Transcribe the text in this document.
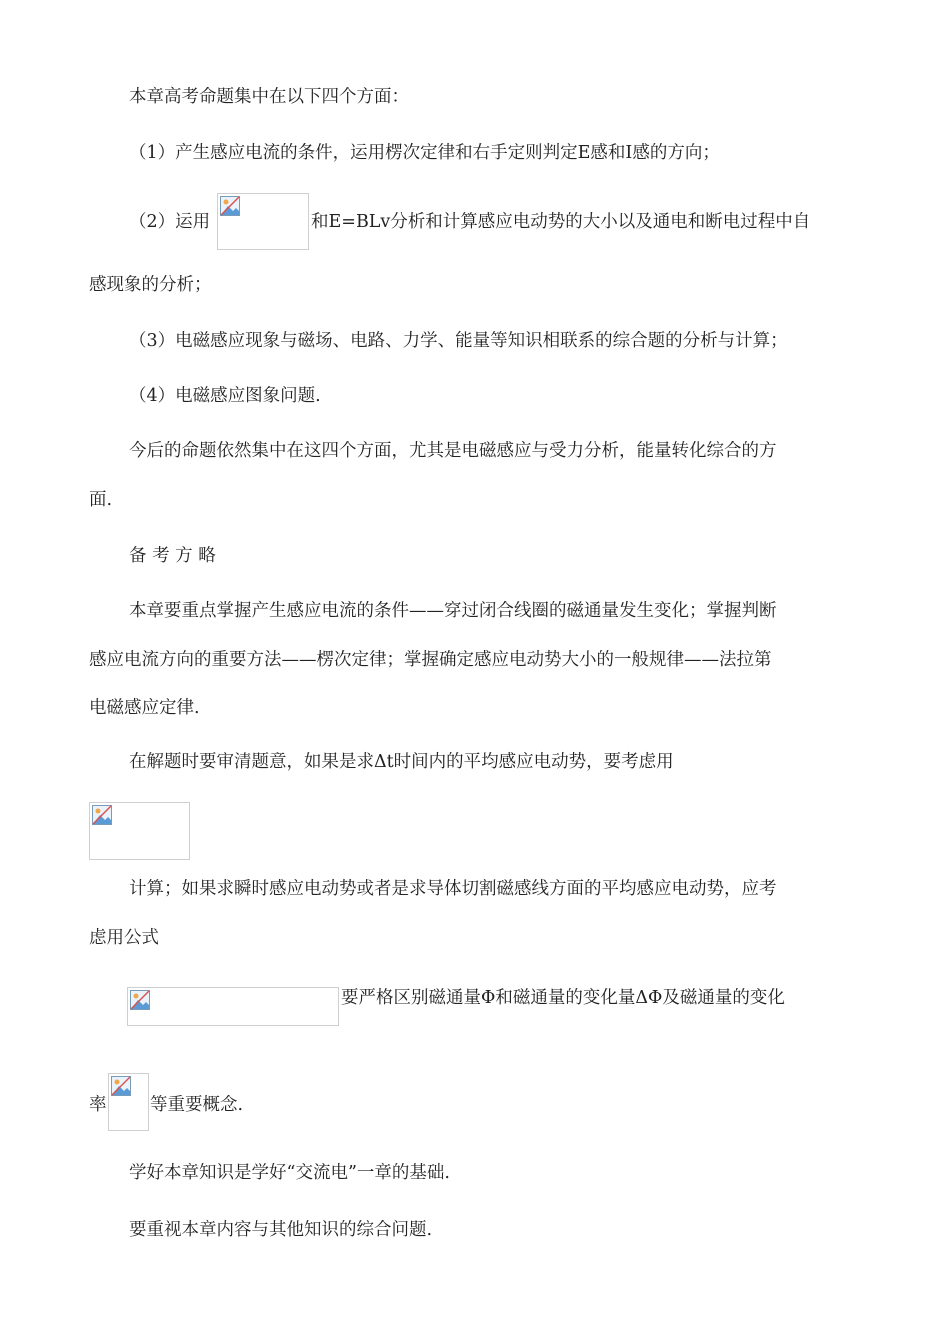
本章高考命题集中在以下四个方面：
（1）产生感应电流的条件，运用楞次定律和右手定则判定E感和I感的方向；
（2）运用	和E=BLv分析和计算感应电动势的大小以及通电和断电过程中自
感现象的分析；
（3）电磁感应现象与磁场、电路、力学、能量等知识相联系的综合题的分析与计算；
（4）电磁感应图象问题.
今后的命题依然集中在这四个方面，尤其是电磁感应与受力分析，能量转化综合的方
面.
备 考 方 略
本章要重点掌握产生感应电流的条件——穿过闭合线圈的磁通量发生变化；掌握判断
感应电流方向的重要方法——楞次定律；掌握确定感应电动势大小的一般规律——法拉第
电磁感应定律.
在解题时要审清题意，如果是求Δt时间内的平均感应电动势，要考虑用
计算；如果求瞬时感应电动势或者是求导体切割磁感线方面的平均感应电动势，应考
虑用公式
要严格区别磁通量Φ和磁通量的变化量ΔΦ及磁通量的变化
率 等重要概念.
学好本章知识是学好“交流电”一章的基础.
要重视本章内容与其他知识的综合问题.
